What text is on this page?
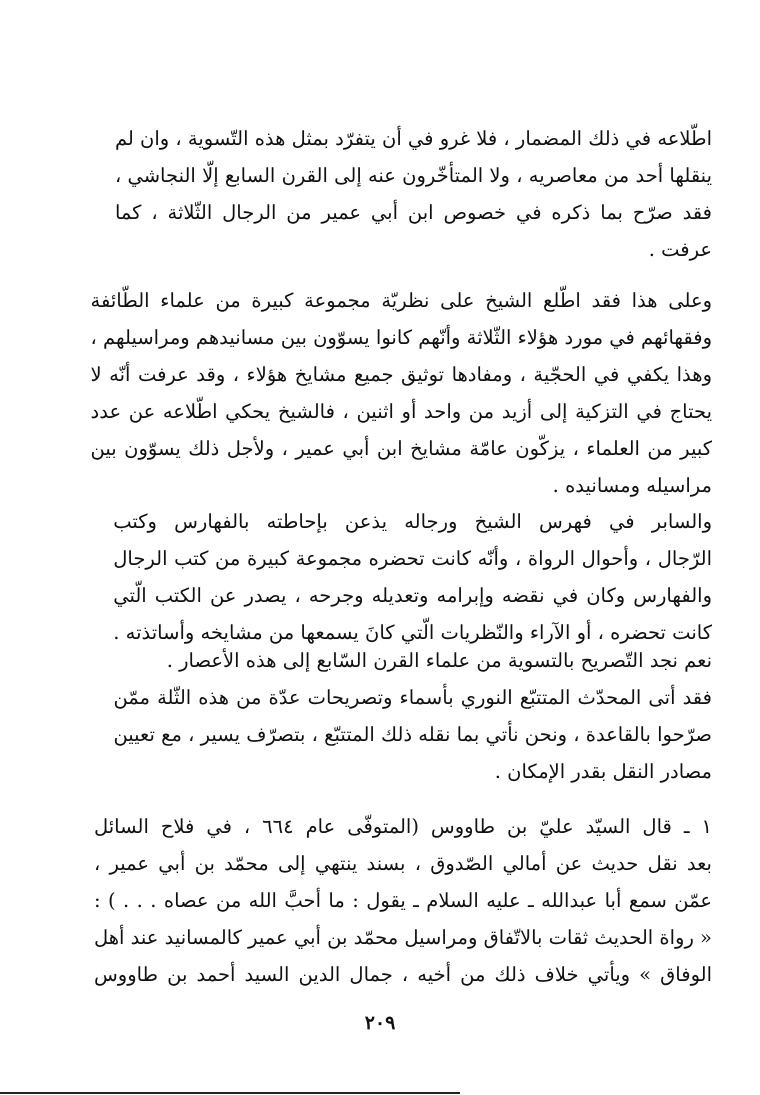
اطّلاعه في ذلك المضمار ، فلا غرو في أن يتفرّد بمثل هذه التّسوية ، وان لم
ينقلها أحد من معاصريه ، ولا المتأخّرون عنه إلى القرن السابع إلّا النجاشي ،
فقد صرّح بما ذكره في خصوص ابن أبي عمير من الرجال الثّلاثة ، كما
عرفت .
وعلى هذا فقد اطّلع الشيخ على نظريّة مجموعة كبيرة من علماء الطّائفة
وفقهائهم في مورد هؤلاء الثّلاثة وأنّهم كانوا يسوّون بين مسانيدهم ومراسيلهم ،
وهذا يكفي في الحجّية ، ومفادها توثيق جميع مشايخ هؤلاء ، وقد عرفت أنّه لا
يحتاج في التزكية إلى أزيد من واحد أو اثنين ، فالشيخ يحكي اطّلاعه عن عدد
كبير من العلماء ، يزكّون عامّة مشايخ ابن أبي عمير ، ولأجل ذلك يسوّون بين
مراسيله ومسانيده .
والسابر في فهرس الشيخ ورجاله يذعن بإحاطته بالفهارس وكتب
الرّجال ، وأحوال الرواة ، وأنّه كانت تحضره مجموعة كبيرة من كتب الرجال
والفهارس وكان في نقضه وإبرامه وتعديله وجرحه ، يصدر عن الكتب الّتي
كانت تحضره ، أو الآراء والنّظريات الّتي كانَ يسمعها من مشايخه وأساتذته .
نعم نجد التّصريح بالتسوية من علماء القرن السّابع إلى هذه الأعصار .
فقد أتى المحدّث المتتبّع النوري بأسماء وتصريحات عدّة من هذه الثّلة ممّن
صرّحوا بالقاعدة ، ونحن نأتي بما نقله ذلك المتتبّع ، بتصرّف يسير ، مع تعيين
مصادر النقل بقدر الإمكان .
١ ـ قال السيّد عليّ بن طاووس (المتوفّى عام ٦٦٤ ، في فلاح السائل
بعد نقل حديث عن أمالي الصّدوق ، بسند ينتهي إلى محمّد بن أبي عمير ،
عمّن سمع أبا عبدالله ـ عليه السلام ـ يقول : ما أحبَّ الله من عصاه . . . ) :
« رواة الحديث ثقات بالاتّفاق ومراسيل محمّد بن أبي عمير كالمسانيد عند أهل
الوفاق » ويأتي خلاف ذلك من أخيه ، جمال الدين السيد أحمد بن طاووس
٢٠٩
